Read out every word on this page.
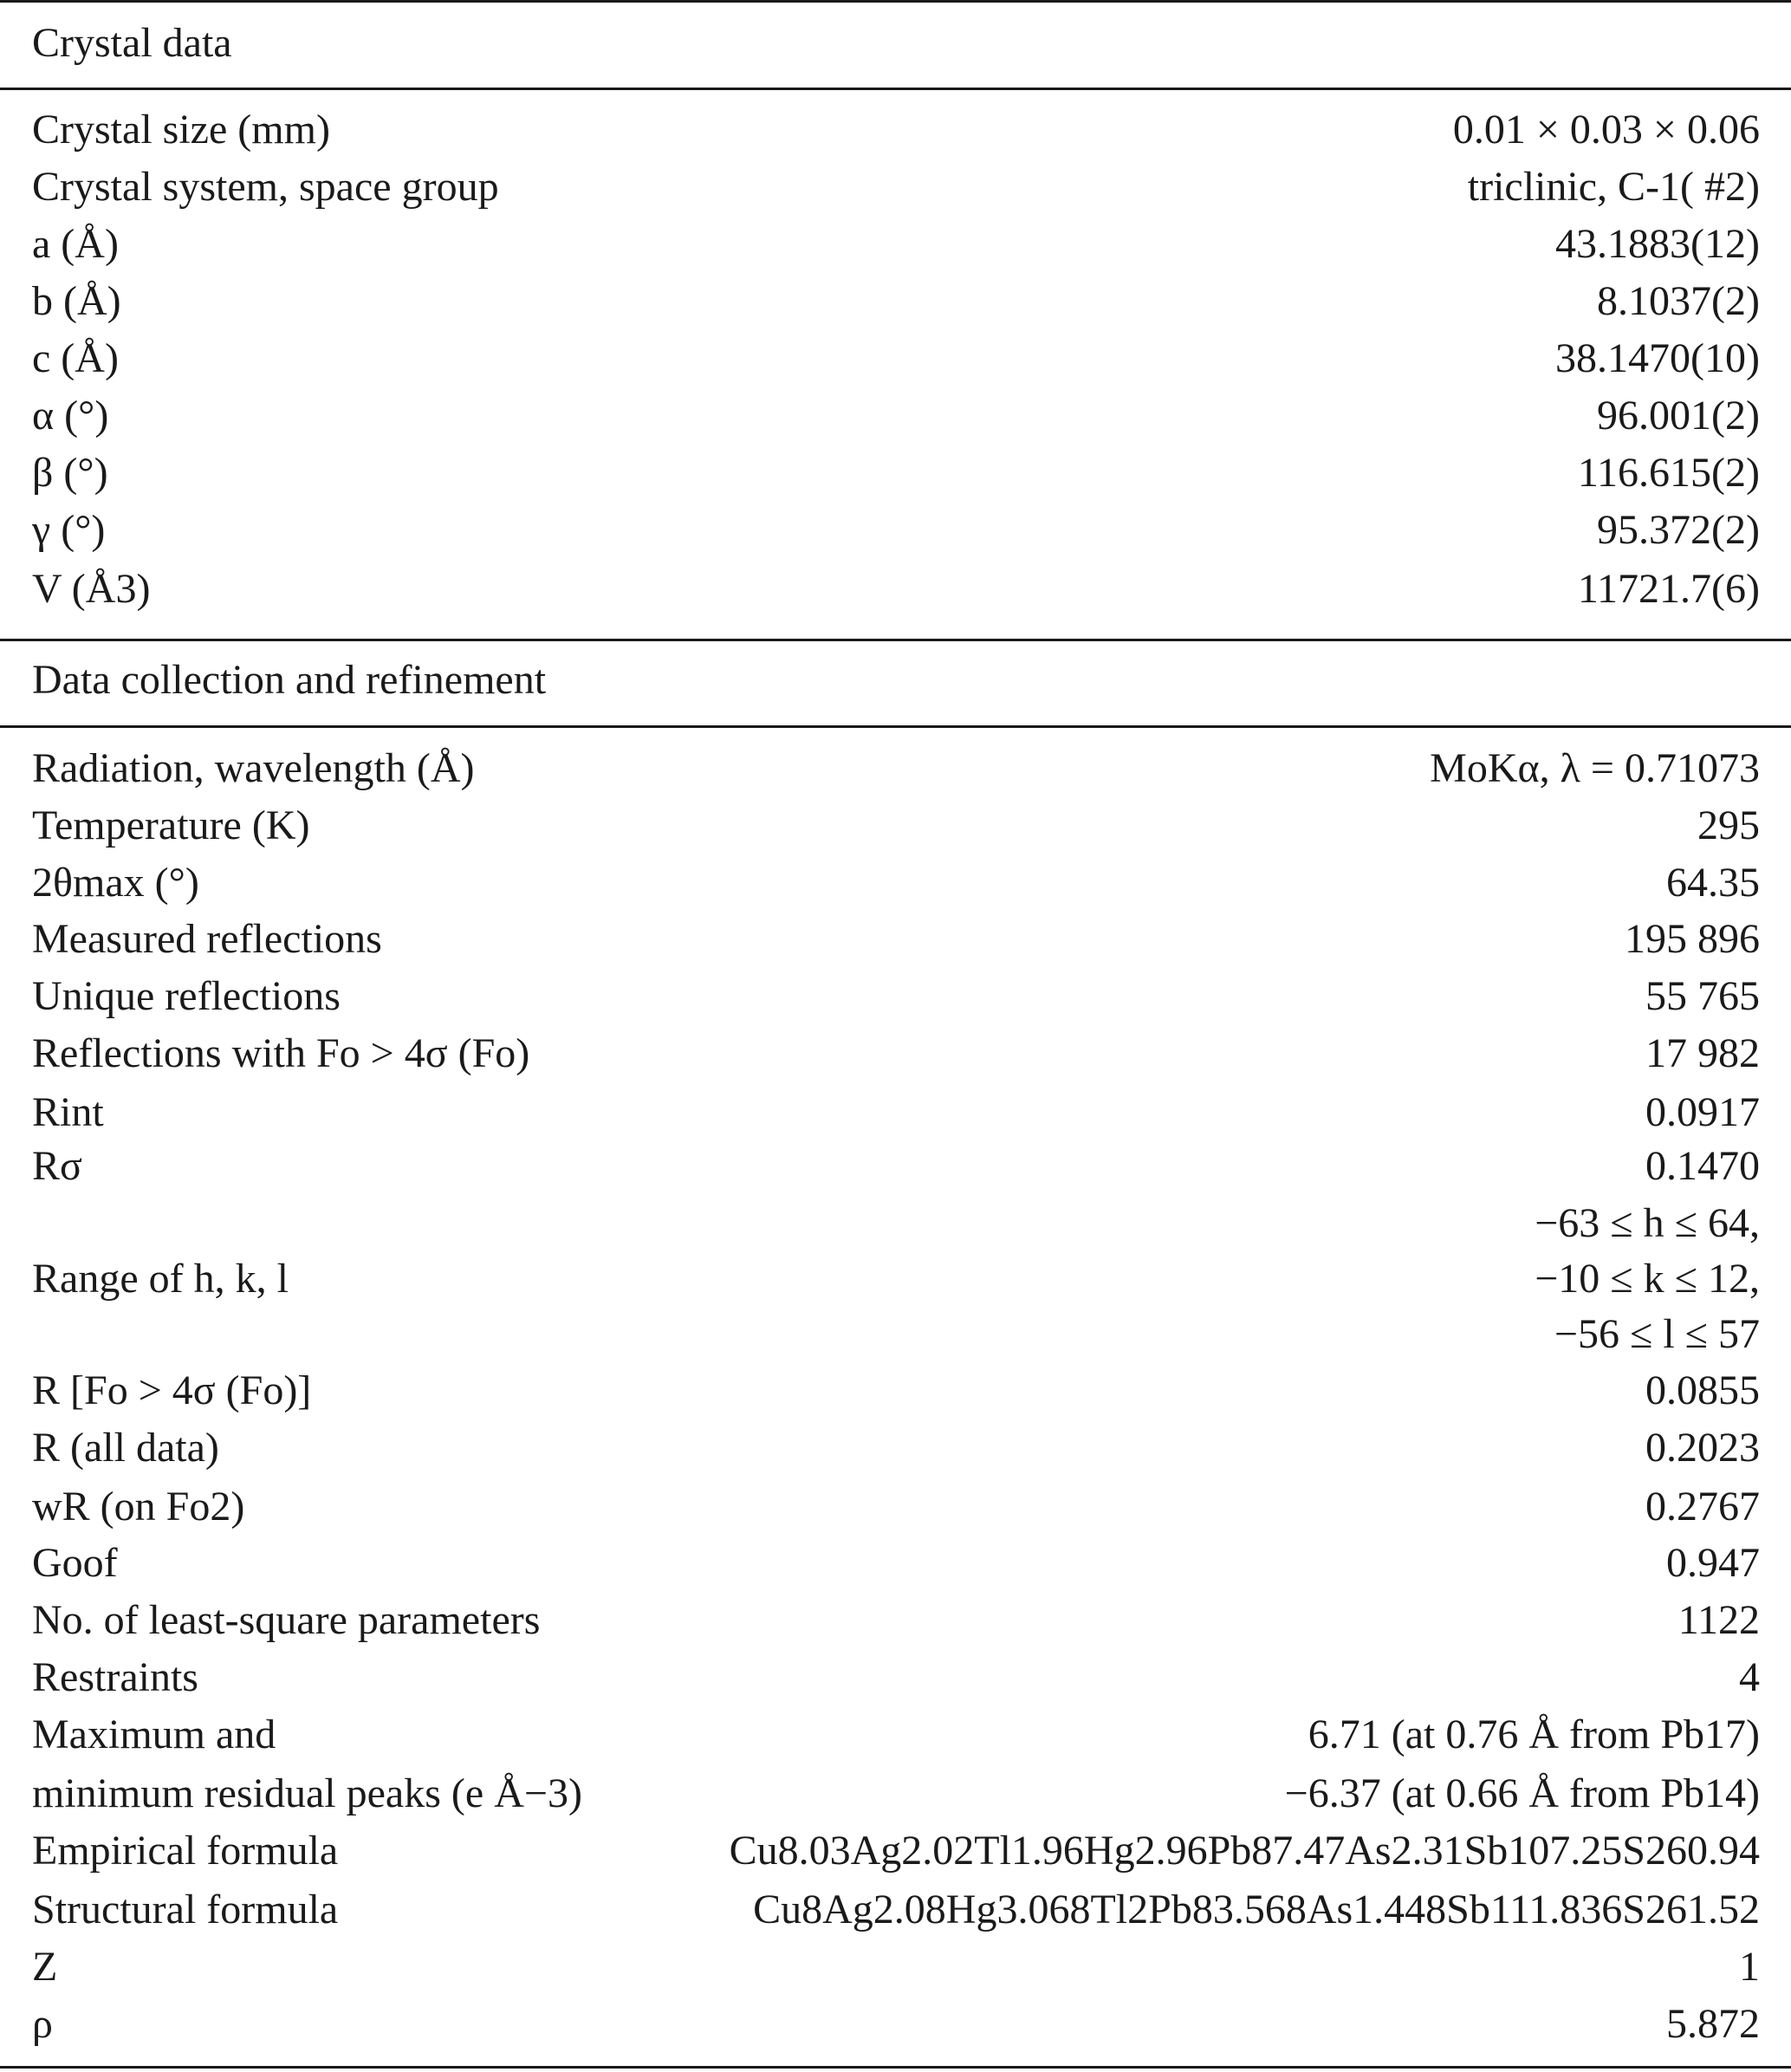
Crystal data
Crystal size (mm)	0.01 × 0.03 × 0.06
Crystal system, space group	triclinic, C-1( #2)
a (Å)	43.1883(12)
b (Å)	8.1037(2)
c (Å)	38.1470(10)
α (°)	96.001(2)
β (°)	116.615(2)
γ (°)	95.372(2)
V (Å3)	11721.7(6)
Data collection and refinement
Radiation, wavelength (Å)	MoKα, λ = 0.71073
Temperature (K)	295
2θmax (°)	64.35
Measured reflections	195 896
Unique reflections	55 765
Reflections with Fo > 4σ (Fo)	17 982
Rint	0.0917
Rσ	0.1470
−63 ≤ h ≤ 64,
Range of h, k, l	−10 ≤ k ≤ 12,
−56 ≤ l ≤ 57
R [Fo > 4σ (Fo)]	0.0855
R (all data)	0.2023
wR (on Fo2)	0.2767
Goof	0.947
No. of least-square parameters	1122
Restraints	4
Maximum and	6.71 (at 0.76 Å from Pb17)
minimum residual peaks (e Å−3)	−6.37 (at 0.66 Å from Pb14)
Empirical formula	Cu8.03Ag2.02Tl1.96Hg2.96Pb87.47As2.31Sb107.25S260.94
Structural formula	Cu8Ag2.08Hg3.068Tl2Pb83.568As1.448Sb111.836S261.52
Z	1
ρ	5.872
